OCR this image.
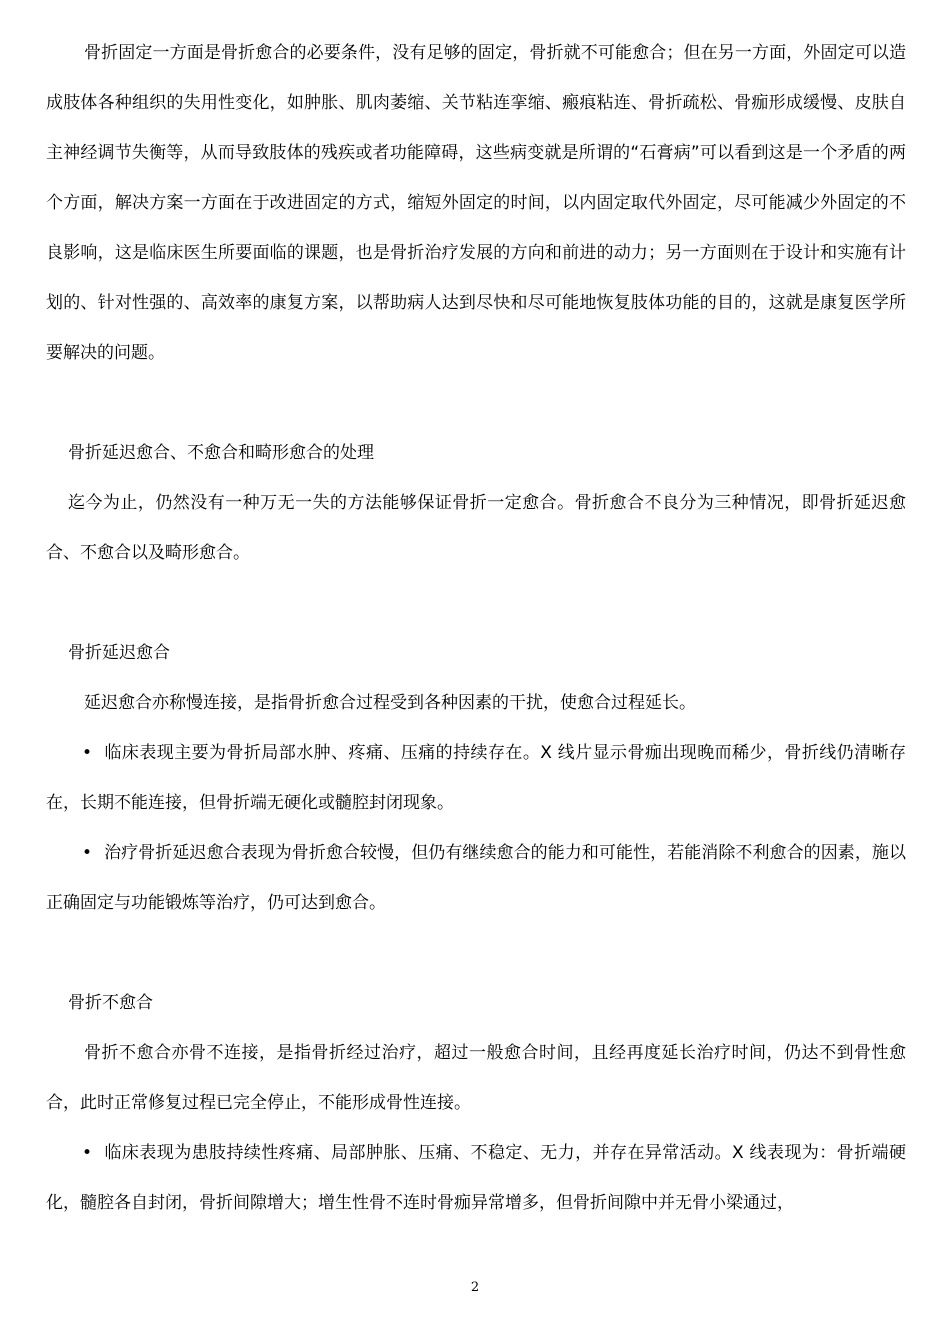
骨折固定一方面是骨折愈合的必要条件，没有足够的固定，骨折就不可能愈合；但在另一方面，外固定可以造成肢体各种组织的失用性变化，如肿胀、肌肉萎缩、关节粘连挛缩、瘢痕粘连、骨折疏松、骨痂形成缓慢、皮肤自主神经调节失衡等，从而导致肢体的残疾或者功能障碍，这些病变就是所谓的“石膏病”可以看到这是一个矛盾的两个方面，解决方案一方面在于改进固定的方式，缩短外固定的时间，以内固定取代外固定，尽可能减少外固定的不良影响，这是临床医生所要面临的课题，也是骨折治疗发展的方向和前进的动力；另一方面则在于设计和实施有计划的、针对性强的、高效率的康复方案，以帮助病人达到尽快和尽可能地恢复肢体功能的目的，这就是康复医学所要解决的问题。

骨折延迟愈合、不愈合和畸形愈合的处理

迄今为止，仍然没有一种万无一失的方法能够保证骨折一定愈合。骨折愈合不良分为三种情况，即骨折延迟愈合、不愈合以及畸形愈合。

骨折延迟愈合

延迟愈合亦称慢连接，是指骨折愈合过程受到各种因素的干扰，使愈合过程延长。

• 临床表现主要为骨折局部水肿、疼痛、压痛的持续存在。X 线片显示骨痂出现晚而稀少，骨折线仍清晰存在，长期不能连接，但骨折端无硬化或髓腔封闭现象。

• 治疗骨折延迟愈合表现为骨折愈合较慢，但仍有继续愈合的能力和可能性，若能消除不利愈合的因素，施以正确固定与功能锻炼等治疗，仍可达到愈合。

骨折不愈合

骨折不愈合亦骨不连接，是指骨折经过治疗，超过一般愈合时间，且经再度延长治疗时间，仍达不到骨性愈合，此时正常修复过程已完全停止，不能形成骨性连接。

• 临床表现为患肢持续性疼痛、局部肿胀、压痛、不稳定、无力，并存在异常活动。X 线表现为：骨折端硬化，髓腔各自封闭，骨折间隙增大；增生性骨不连时骨痂异常增多，但骨折间隙中并无骨小梁通过，

2
